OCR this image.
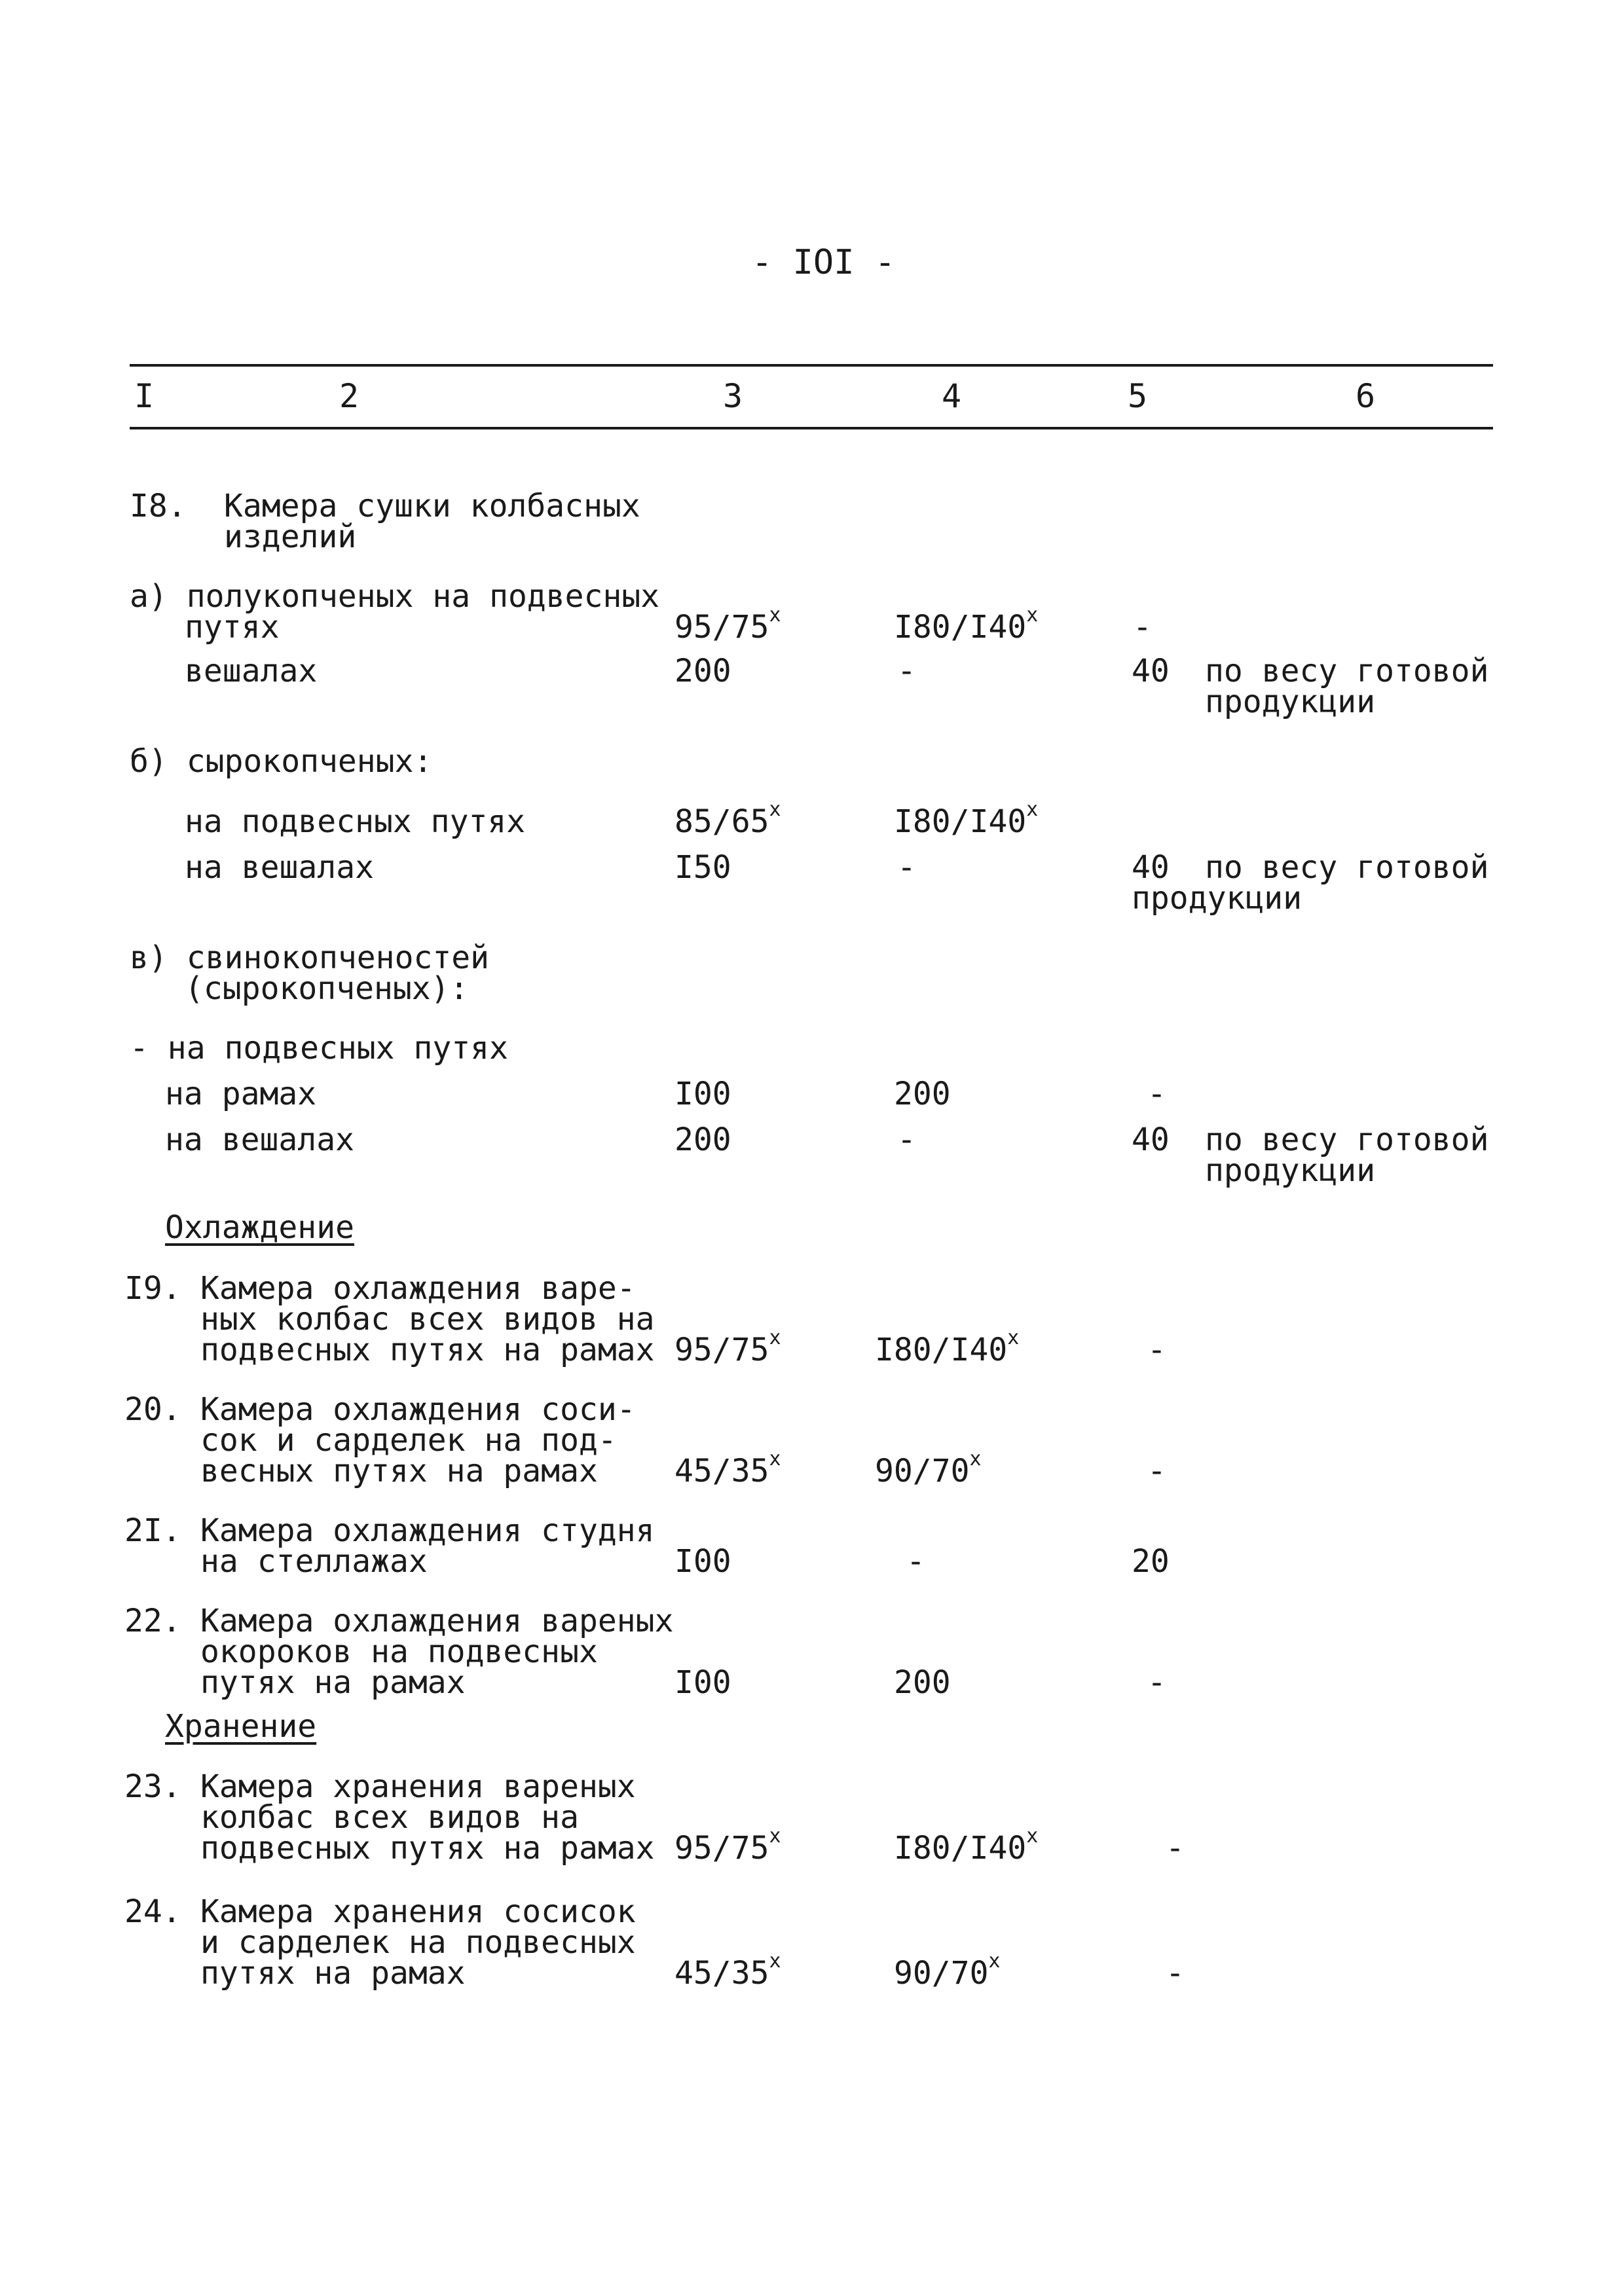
- IOI -
I	2	3	4	5	6
I8. Камера сушки колбасных
изделий
а) полукопченых на подвесных
путях	95/75$^x$	I80/I40$^x$	-
вешалах	200	-	40 по весу готовой
продукции
б) сырокопченых:
на подвесных путях	85/65$^x$	I80/I40$^x$
на вешалах	I50	-	40 по весу готовой
продукции
в) свинокопченостей
(сырокопченых):
- на подвесных путях
на рамах	I00	200	-
на вешалах	200	-	40 по весу готовой
продукции
Охлаждение
I9. Камера охлаждения варе-
ных колбас всех видов на
подвесных путях на рамах 95/75$^x$	I80/I40$^x$	-
20. Камера охлаждения соси-
сок и сарделек на под-
весных путях на рамах 45/35$^x$	90/70$^x$	-
2I. Камера охлаждения студня
на стеллажах	I00	-	20
22. Камера охлаждения вареных
окороков на подвесных
путях на рамах	I00	200	-
Хранение
23. Камера хранения вареных
колбас всех видов на
подвесных путях на рамах 95/75$^x$	I80/I40$^x$	-
24. Камера хранения сосисок
и сарделек на подвесных
путях на рамах	45/35$^x$	90/70$^x$	-
